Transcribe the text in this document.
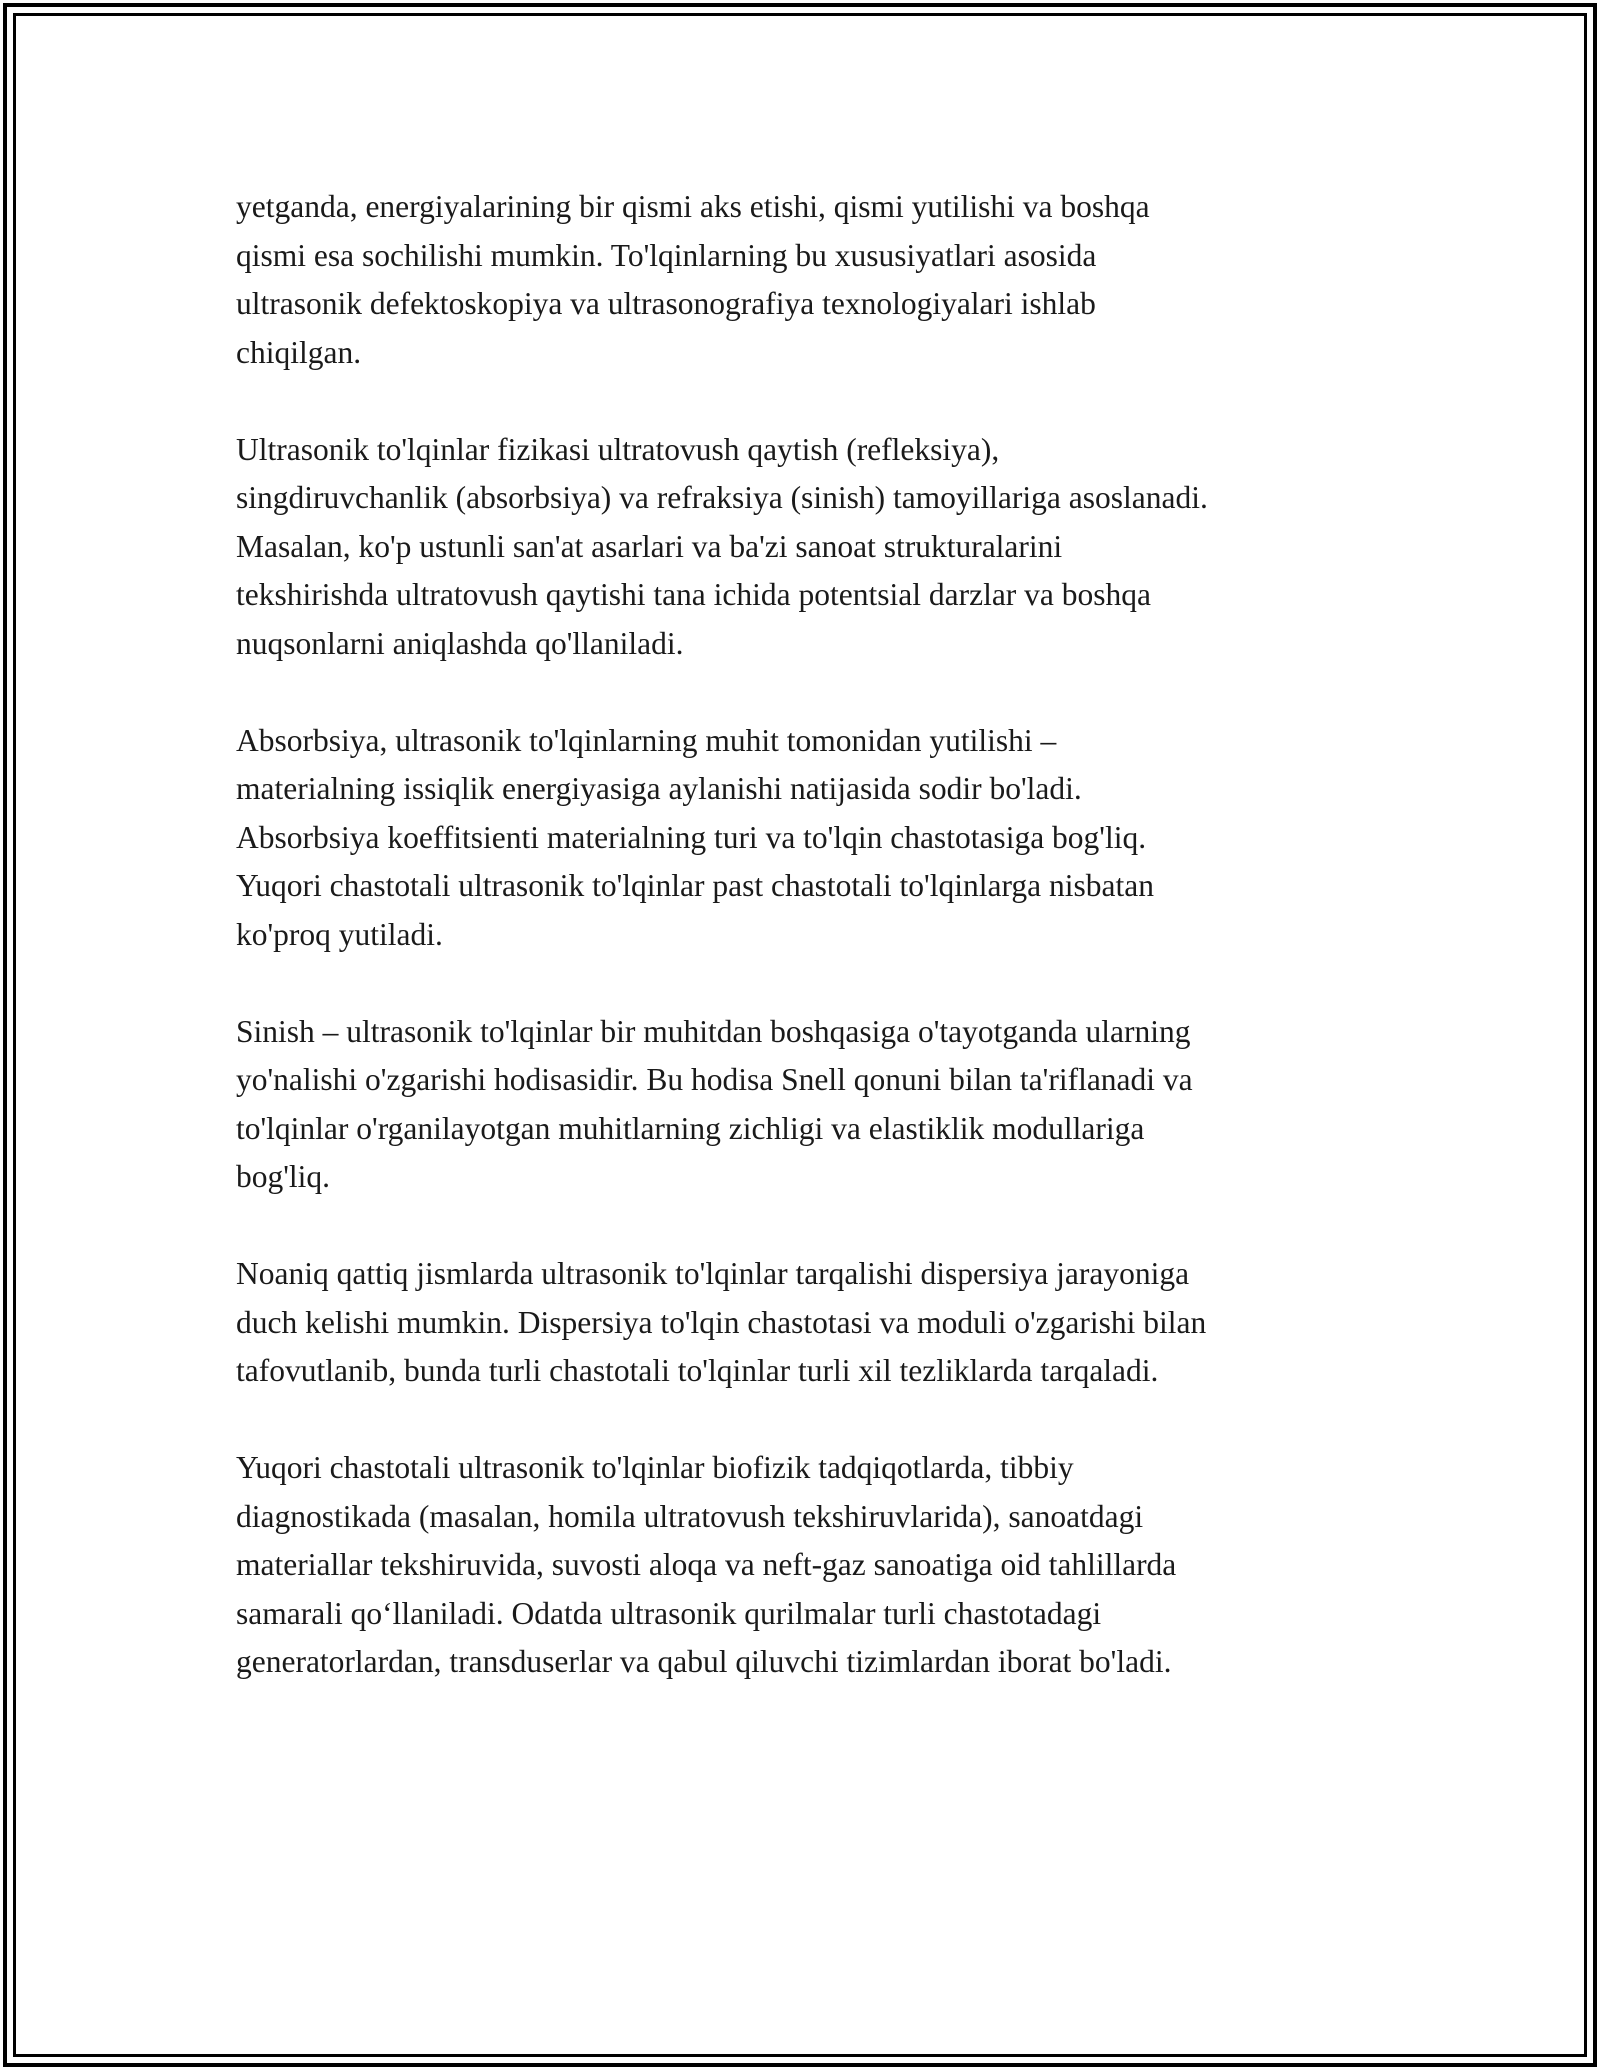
yetganda, energiyalarining bir qismi aks etishi, qismi yutilishi va boshqa
qismi esa sochilishi mumkin. To'lqinlarning bu xususiyatlari asosida
ultrasonik defektoskopiya va ultrasonografiya texnologiyalari ishlab
chiqilgan.

Ultrasonik to'lqinlar fizikasi ultratovush qaytish (refleksiya),
singdiruvchanlik (absorbsiya) va refraksiya (sinish) tamoyillariga asoslanadi.
Masalan, ko'p ustunli san'at asarlari va ba'zi sanoat strukturalarini
tekshirishda ultratovush qaytishi tana ichida potentsial darzlar va boshqa
nuqsonlarni aniqlashda qo'llaniladi.

Absorbsiya, ultrasonik to'lqinlarning muhit tomonidan yutilishi –
materialning issiqlik energiyasiga aylanishi natijasida sodir bo'ladi.
Absorbsiya koeffitsienti materialning turi va to'lqin chastotasiga bog'liq.
Yuqori chastotali ultrasonik to'lqinlar past chastotali to'lqinlarga nisbatan
ko'proq yutiladi.

Sinish – ultrasonik to'lqinlar bir muhitdan boshqasiga o'tayotganda ularning
yo'nalishi o'zgarishi hodisasidir. Bu hodisa Snell qonuni bilan ta'riflanadi va
to'lqinlar o'rganilayotgan muhitlarning zichligi va elastiklik modullariga
bog'liq.

Noaniq qattiq jismlarda ultrasonik to'lqinlar tarqalishi dispersiya jarayoniga
duch kelishi mumkin. Dispersiya to'lqin chastotasi va moduli o'zgarishi bilan
tafovutlanib, bunda turli chastotali to'lqinlar turli xil tezliklarda tarqaladi.

Yuqori chastotali ultrasonik to'lqinlar biofizik tadqiqotlarda, tibbiy
diagnostikada (masalan, homila ultratovush tekshiruvlarida), sanoatdagi
materiallar tekshiruvida, suvosti aloqa va neft-gaz sanoatiga oid tahlillarda
samarali qo‘llaniladi. Odatda ultrasonik qurilmalar turli chastotadagi
generatorlardan, transduserlar va qabul qiluvchi tizimlardan iborat bo'ladi.
